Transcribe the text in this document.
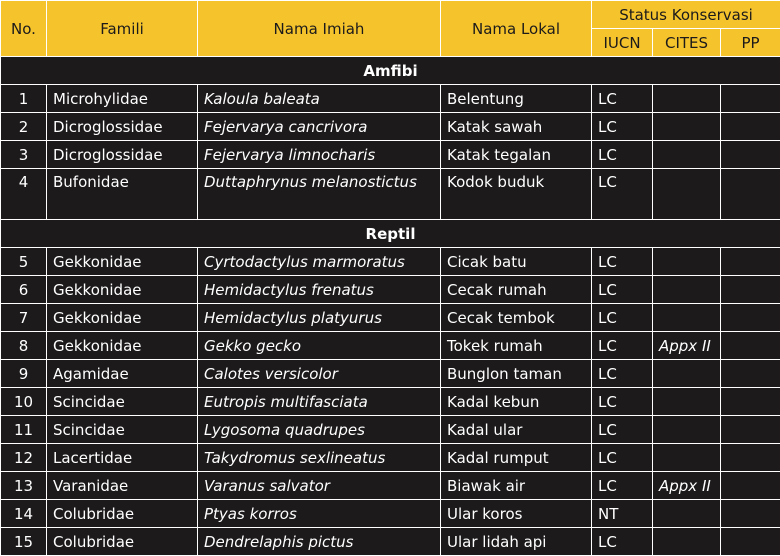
No.	Famili	Nama Imiah	Nama Lokal	Status Konservasi		
				IUCN	CITES	PP
Amfibi						
1	Microhylidae	Kaloula baleata	Belentung	LC		
2	Dicroglossidae	Fejervarya cancrivora	Katak sawah	LC		
3	Dicroglossidae	Fejervarya limnocharis	Katak tegalan	LC		
4	Bufonidae	Duttaphrynus melanostictus	Kodok buduk	LC		
Reptil						
5	Gekkonidae	Cyrtodactylus marmoratus	Cicak batu	LC		
6	Gekkonidae	Hemidactylus frenatus	Cecak rumah	LC		
7	Gekkonidae	Hemidactylus platyurus	Cecak tembok	LC		
8	Gekkonidae	Gekko gecko	Tokek rumah	LC	Appx II	
9	Agamidae	Calotes versicolor	Bunglon taman	LC		
10	Scincidae	Eutropis multifasciata	Kadal kebun	LC		
11	Scincidae	Lygosoma quadrupes	Kadal ular	LC		
12	Lacertidae	Takydromus sexlineatus	Kadal rumput	LC		
13	Varanidae	Varanus salvator	Biawak air	LC	Appx II	
14	Colubridae	Ptyas korros	Ular koros	NT		
15	Colubridae	Dendrelaphis pictus	Ular lidah api	LC		
